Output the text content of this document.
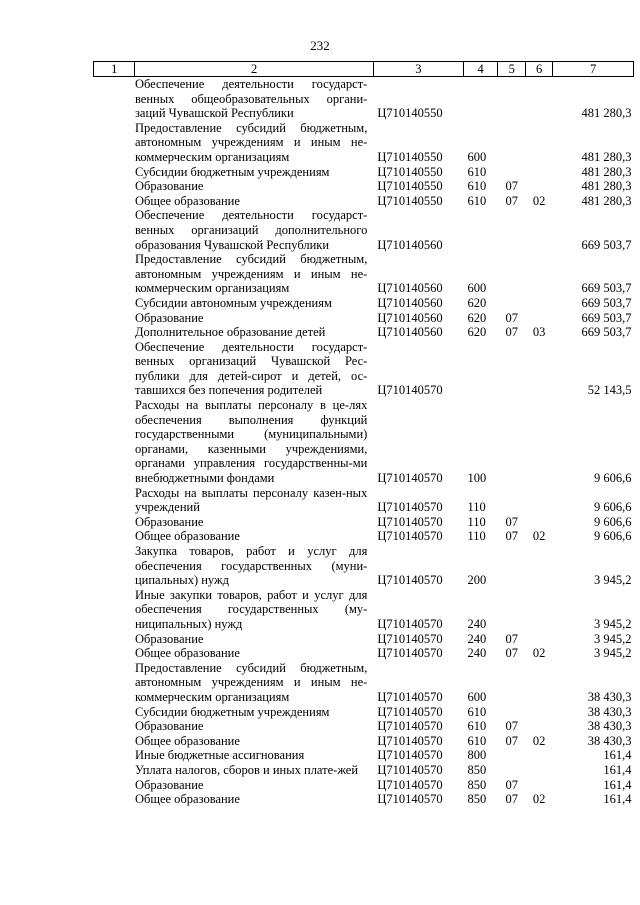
232
1	2	3	4	5	6	7
	Обеспечение деятельности государст-венных общеобразовательных органи-заций Чувашской Республики	Ц710140550				481 280,3
	Предоставление субсидий бюджетным, автономным учреждениям и иным не-коммерческим организациям	Ц710140550	600			481 280,3
	Субсидии бюджетным учреждениям	Ц710140550	610			481 280,3
	Образование	Ц710140550	610	07		481 280,3
	Общее образование	Ц710140550	610	07	02	481 280,3
	Обеспечение деятельности государст-венных организаций дополнительного образования Чувашской Республики	Ц710140560				669 503,7
	Предоставление субсидий бюджетным, автономным учреждениям и иным не-коммерческим организациям	Ц710140560	600			669 503,7
	Субсидии автономным учреждениям	Ц710140560	620			669 503,7
	Образование	Ц710140560	620	07		669 503,7
	Дополнительное образование детей	Ц710140560	620	07	03	669 503,7
	Обеспечение деятельности государст-венных организаций Чувашской Рес-публики для детей-сирот и детей, ос-тавшихся без попечения родителей	Ц710140570				52 143,5
	Расходы на выплаты персоналу в це-лях обеспечения выполнения функций государственными (муниципальными) органами, казенными учреждениями, органами управления государственны-ми внебюджетными фондами	Ц710140570	100			9 606,6
	Расходы на выплаты персоналу казен-ных учреждений	Ц710140570	110			9 606,6
	Образование	Ц710140570	110	07		9 606,6
	Общее образование	Ц710140570	110	07	02	9 606,6
	Закупка товаров, работ и услуг для обеспечения государственных (муни-ципальных) нужд	Ц710140570	200			3 945,2
	Иные закупки товаров, работ и услуг для обеспечения государственных (му-ниципальных) нужд	Ц710140570	240			3 945,2
	Образование	Ц710140570	240	07		3 945,2
	Общее образование	Ц710140570	240	07	02	3 945,2
	Предоставление субсидий бюджетным, автономным учреждениям и иным не-коммерческим организациям	Ц710140570	600			38 430,3
	Субсидии бюджетным учреждениям	Ц710140570	610			38 430,3
	Образование	Ц710140570	610	07		38 430,3
	Общее образование	Ц710140570	610	07	02	38 430,3
	Иные бюджетные ассигнования	Ц710140570	800			161,4
	Уплата налогов, сборов и иных плате-жей	Ц710140570	850			161,4
	Образование	Ц710140570	850	07		161,4
	Общее образование	Ц710140570	850	07	02	161,4
